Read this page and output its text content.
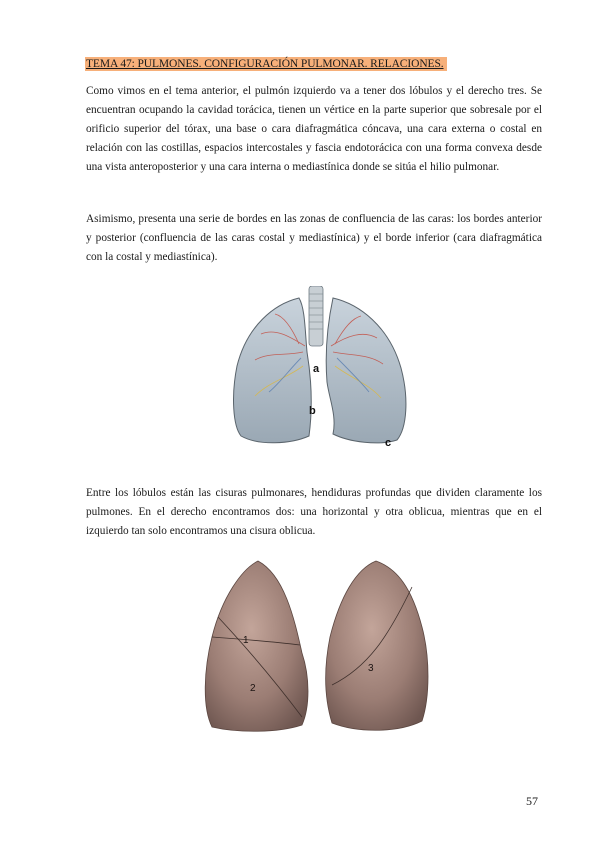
TEMA 47: PULMONES. CONFIGURACIÓN PULMONAR. RELACIONES.

Como vimos en el tema anterior, el pulmón izquierdo va a tener dos lóbulos y el derecho tres. Se encuentran ocupando la cavidad torácica, tienen un vértice en la parte superior que sobresale por el orificio superior del tórax, una base o cara diafragmática cóncava, una cara externa o costal en relación con las costillas, espacios intercostales y fascia endotorácica con una forma convexa desde una vista anteroposterior y una cara interna o mediastínica donde se sitúa el hilio pulmonar.

Asimismo, presenta una serie de bordes en las zonas de confluencia de las caras: los bordes anterior y posterior (confluencia de las caras costal y mediastínica) y el borde inferior (cara diafragmática con la costal y mediastínica).

a
b
c

Entre los lóbulos están las cisuras pulmonares, hendiduras profundas que dividen claramente los pulmones. En el derecho encontramos dos: una horizontal y otra oblicua, mientras que en el izquierdo tan solo encontramos una cisura oblicua.

1
2
3
57
